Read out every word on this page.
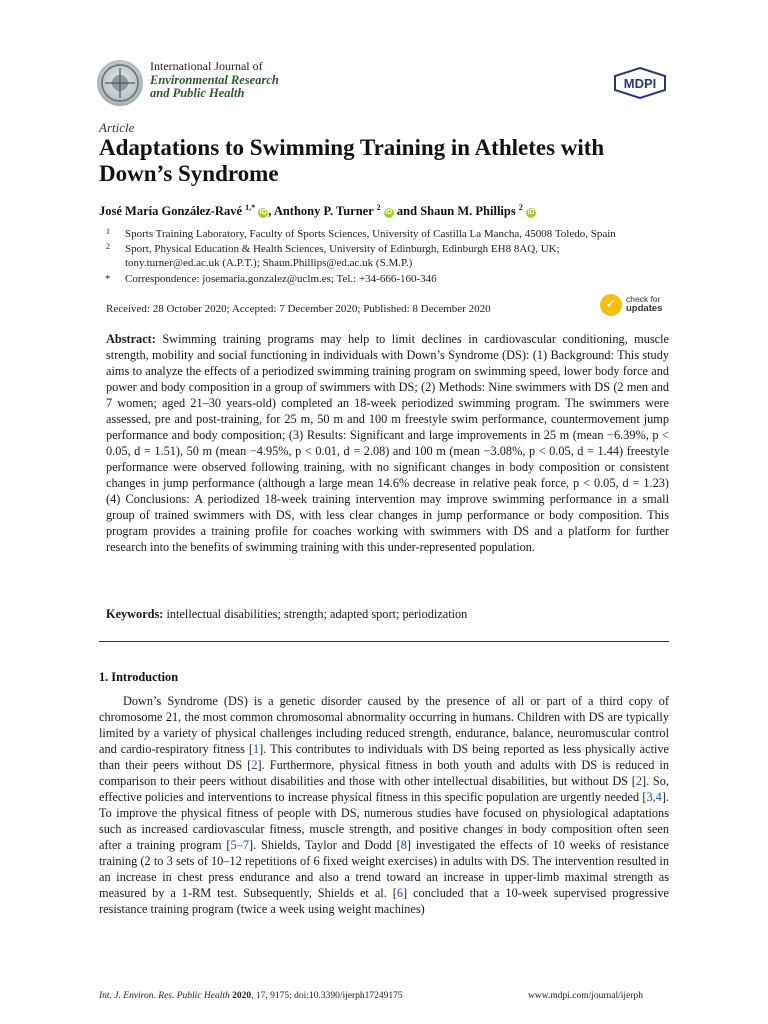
International Journal of
Environmental Research
and Public Health
MDPI
Article
Adaptations to Swimming Training in Athletes with Down’s Syndrome
José María González-Ravé $^{1,*}$ iD , Anthony P. Turner $^2$ iD and Shaun M. Phillips $^2$ iD
1 Sports Training Laboratory, Faculty of Sports Sciences, University of Castilla La Mancha, 45008 Toledo, Spain
2 Sport, Physical Education & Health Sciences, University of Edinburgh, Edinburgh EH8 8AQ, UK;
tony.turner@ed.ac.uk (A.P.T.); Shaun.Phillips@ed.ac.uk (S.M.P.)
* Correspondence: josemaria.gonzalez@uclm.es; Tel.: +34-666-160-346
Received: 28 October 2020; Accepted: 7 December 2020; Published: 8 December 2020	✓	check for
updates
Abstract: Swimming training programs may help to limit declines in cardiovascular conditioning, muscle strength, mobility and social functioning in individuals with Down’s Syndrome (DS): (1) Background: This study aims to analyze the effects of a periodized swimming training program on swimming speed, lower body force and power and body composition in a group of swimmers with DS; (2) Methods: Nine swimmers with DS (2 men and 7 women; aged 21–30 years-old) completed an 18-week periodized swimming program. The swimmers were assessed, pre and post-training, for 25 m, 50 m and 100 m freestyle swim performance, countermovement jump performance and body composition; (3) Results: Significant and large improvements in 25 m (mean −6.39%, p < 0.05, d = 1.51), 50 m (mean −4.95%, p < 0.01, d = 2.08) and 100 m (mean −3.08%, p < 0.05, d = 1.44) freestyle performance were observed following training, with no significant changes in body composition or consistent changes in jump performance (although a large mean 14.6% decrease in relative peak force, p < 0.05, d = 1.23) (4) Conclusions: A periodized 18-week training intervention may improve swimming performance in a small group of trained swimmers with DS, with less clear changes in jump performance or body composition. This program provides a training profile for coaches working with swimmers with DS and a platform for further research into the benefits of swimming training with this under-represented population.
Keywords: intellectual disabilities; strength; adapted sport; periodization
1. Introduction
Down’s Syndrome (DS) is a genetic disorder caused by the presence of all or part of a third copy of chromosome 21, the most common chromosomal abnormality occurring in humans. Children with DS are typically limited by a variety of physical challenges including reduced strength, endurance, balance, neuromuscular control and cardio-respiratory fitness [1]. This contributes to individuals with DS being reported as less physically active than their peers without DS [2]. Furthermore, physical fitness in both youth and adults with DS is reduced in comparison to their peers without disabilities and those with other intellectual disabilities, but without DS [2]. So, effective policies and interventions to increase physical fitness in this specific population are urgently needed [3,4]. To improve the physical fitness of people with DS, numerous studies have focused on physiological adaptations such as increased cardiovascular fitness, muscle strength, and positive changes in body composition often seen after a training program [5–7]. Shields, Taylor and Dodd [8] investigated the effects of 10 weeks of resistance training (2 to 3 sets of 10–12 repetitions of 6 fixed weight exercises) in adults with DS. The intervention resulted in an increase in chest press endurance and also a trend toward an increase in upper-limb maximal strength as measured by a 1-RM test. Subsequently, Shields et al. [6] concluded that a 10-week supervised progressive resistance training program (twice a week using weight machines)
Int. J. Environ. Res. Public Health 2020, 17, 9175; doi:10.3390/ijerph17249175	www.mdpi.com/journal/ijerph
